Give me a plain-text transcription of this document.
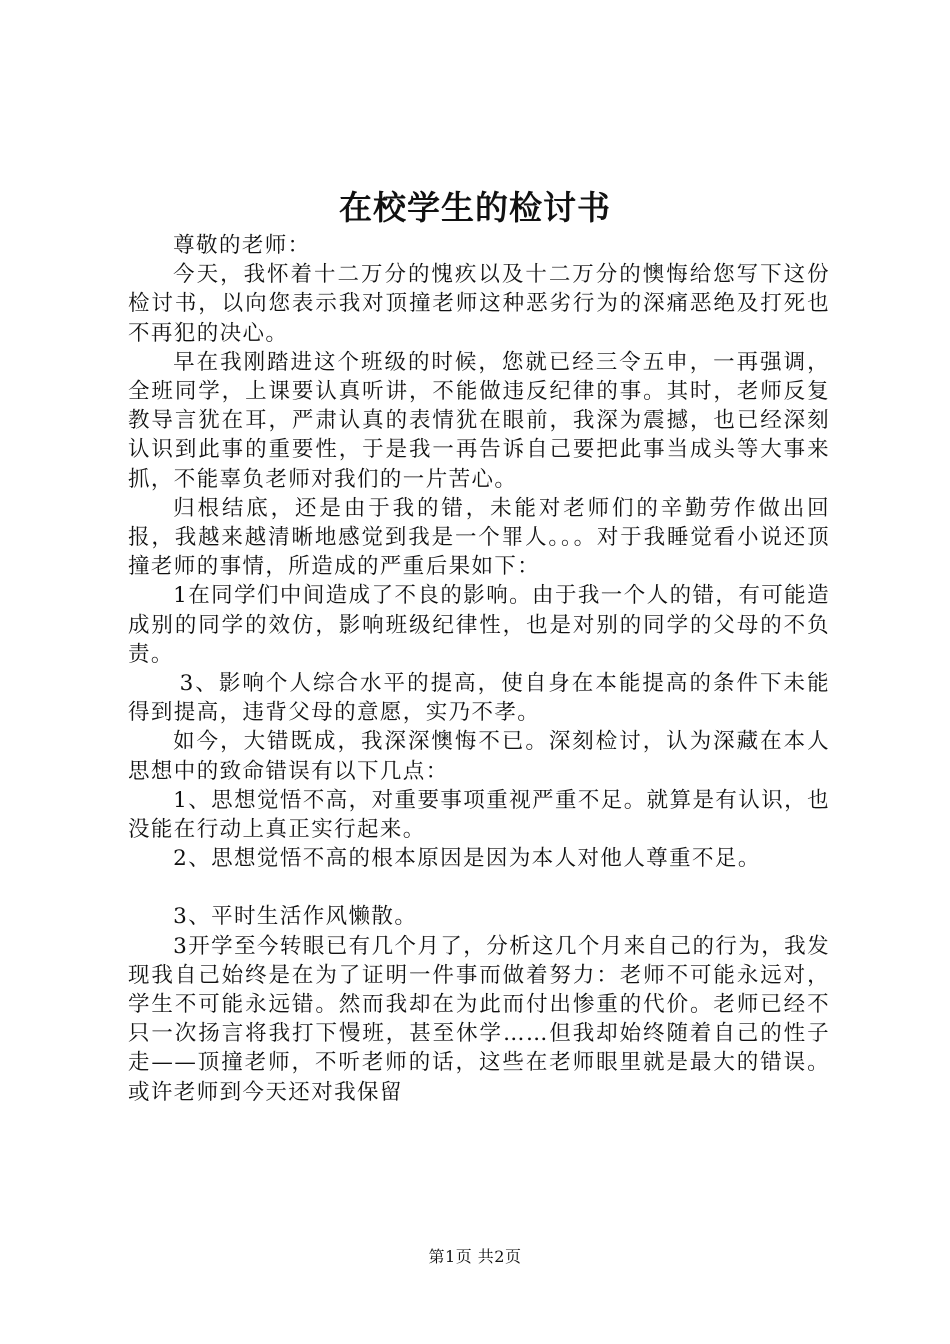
在校学生的检讨书

尊敬的老师：

今天，我怀着十二万分的愧疚以及十二万分的懊悔给您写下这份检讨书，以向您表示我对顶撞老师这种恶劣行为的深痛恶绝及打死也不再犯的决心。

早在我刚踏进这个班级的时候，您就已经三令五申，一再强调，全班同学，上课要认真听讲，不能做违反纪律的事。其时，老师反复教导言犹在耳，严肃认真的表情犹在眼前，我深为震撼，也已经深刻认识到此事的重要性，于是我一再告诉自己要把此事当成头等大事来抓，不能辜负老师对我们的一片苦心。

归根结底，还是由于我的错，未能对老师们的辛勤劳作做出回报，我越来越清晰地感觉到我是一个罪人。。。对于我睡觉看小说还顶撞老师的事情，所造成的严重后果如下：

1在同学们中间造成了不良的影响。由于我一个人的错，有可能造成别的同学的效仿，影响班级纪律性，也是对别的同学的父母的不负责。

3、影响个人综合水平的提高，使自身在本能提高的条件下未能得到提高，违背父母的意愿，实乃不孝。

如今，大错既成，我深深懊悔不已。深刻检讨，认为深藏在本人思想中的致命错误有以下几点：

1、思想觉悟不高，对重要事项重视严重不足。就算是有认识，也没能在行动上真正实行起来。

2、思想觉悟不高的根本原因是因为本人对他人尊重不足。

3、平时生活作风懒散。

3开学至今转眼已有几个月了，分析这几个月来自己的行为，我发现我自己始终是在为了证明一件事而做着努力：老师不可能永远对，学生不可能永远错。然而我却在为此而付出惨重的代价。老师已经不只一次扬言将我打下慢班，甚至休学……但我却始终随着自己的性子走——顶撞老师，不听老师的话，这些在老师眼里就是最大的错误。或许老师到今天还对我保留

第1页 共2页
